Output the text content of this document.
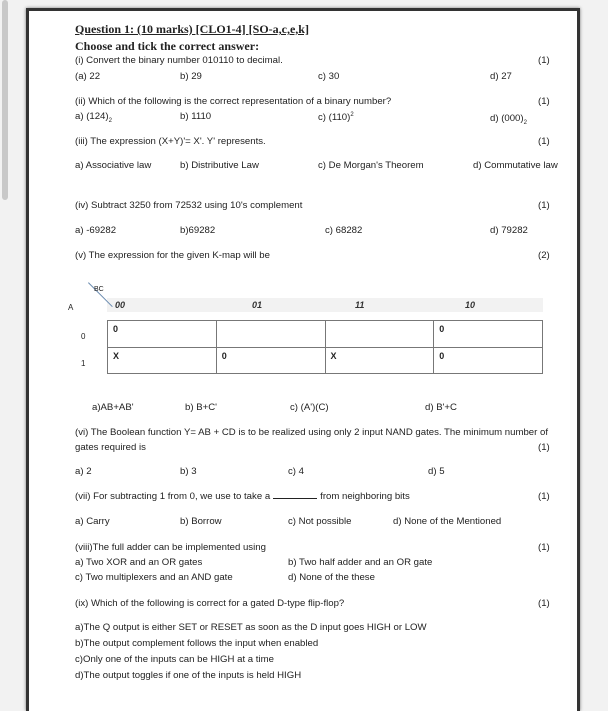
Question 1: (10 marks) [CLO1-4] [SO-a,c,e,k]
Choose and tick the correct answer:
(i) Convert the binary number 010110 to decimal.	(1)
(a) 22	b) 29	c) 30	d) 27
(ii) Which of the following is the correct representation of a binary number?	(1)
a) $(124)_2$	b) 1110	c) $(110)^2$	d) $(000)_2$
(iii) The expression (X+Y)'= X'. Y' represents.	(1)
a) Associative law	b) Distributive Law	c) De Morgan's Theorem	d) Commutative law
(iv) Subtract 3250 from 72532 using 10's complement	(1)
a) -69282	b)69282	c) 68282	d) 79282
(v) The expression for the given K-map will be	(2)
BC
A	00	01	11	10
0
1
0			0
X	0	X	0
a)AB+AB'	b) B+C'	c) (A')(C)	d) B'+C
(vi) The Boolean function Y= AB + CD is to be realized using only 2 input NAND gates. The minimum number of
gates required is	(1)
a) 2	b) 3	c) 4	d) 5
(vii) For subtracting 1 from 0, we use to take a	from neighboring bits	(1)
a) Carry	b) Borrow	c) Not possible	d) None of the Mentioned
(viii)The full adder can be implemented using	(1)
a) Two XOR and an OR gates	b) Two half adder and an OR gate
c) Two multiplexers and an AND gate	d) None of the these
(ix) Which of the following is correct for a gated D-type flip-flop?	(1)
a)The Q output is either SET or RESET as soon as the D input goes HIGH or LOW
b)The output complement follows the input when enabled
c)Only one of the inputs can be HIGH at a time
d)The output toggles if one of the inputs is held HIGH
